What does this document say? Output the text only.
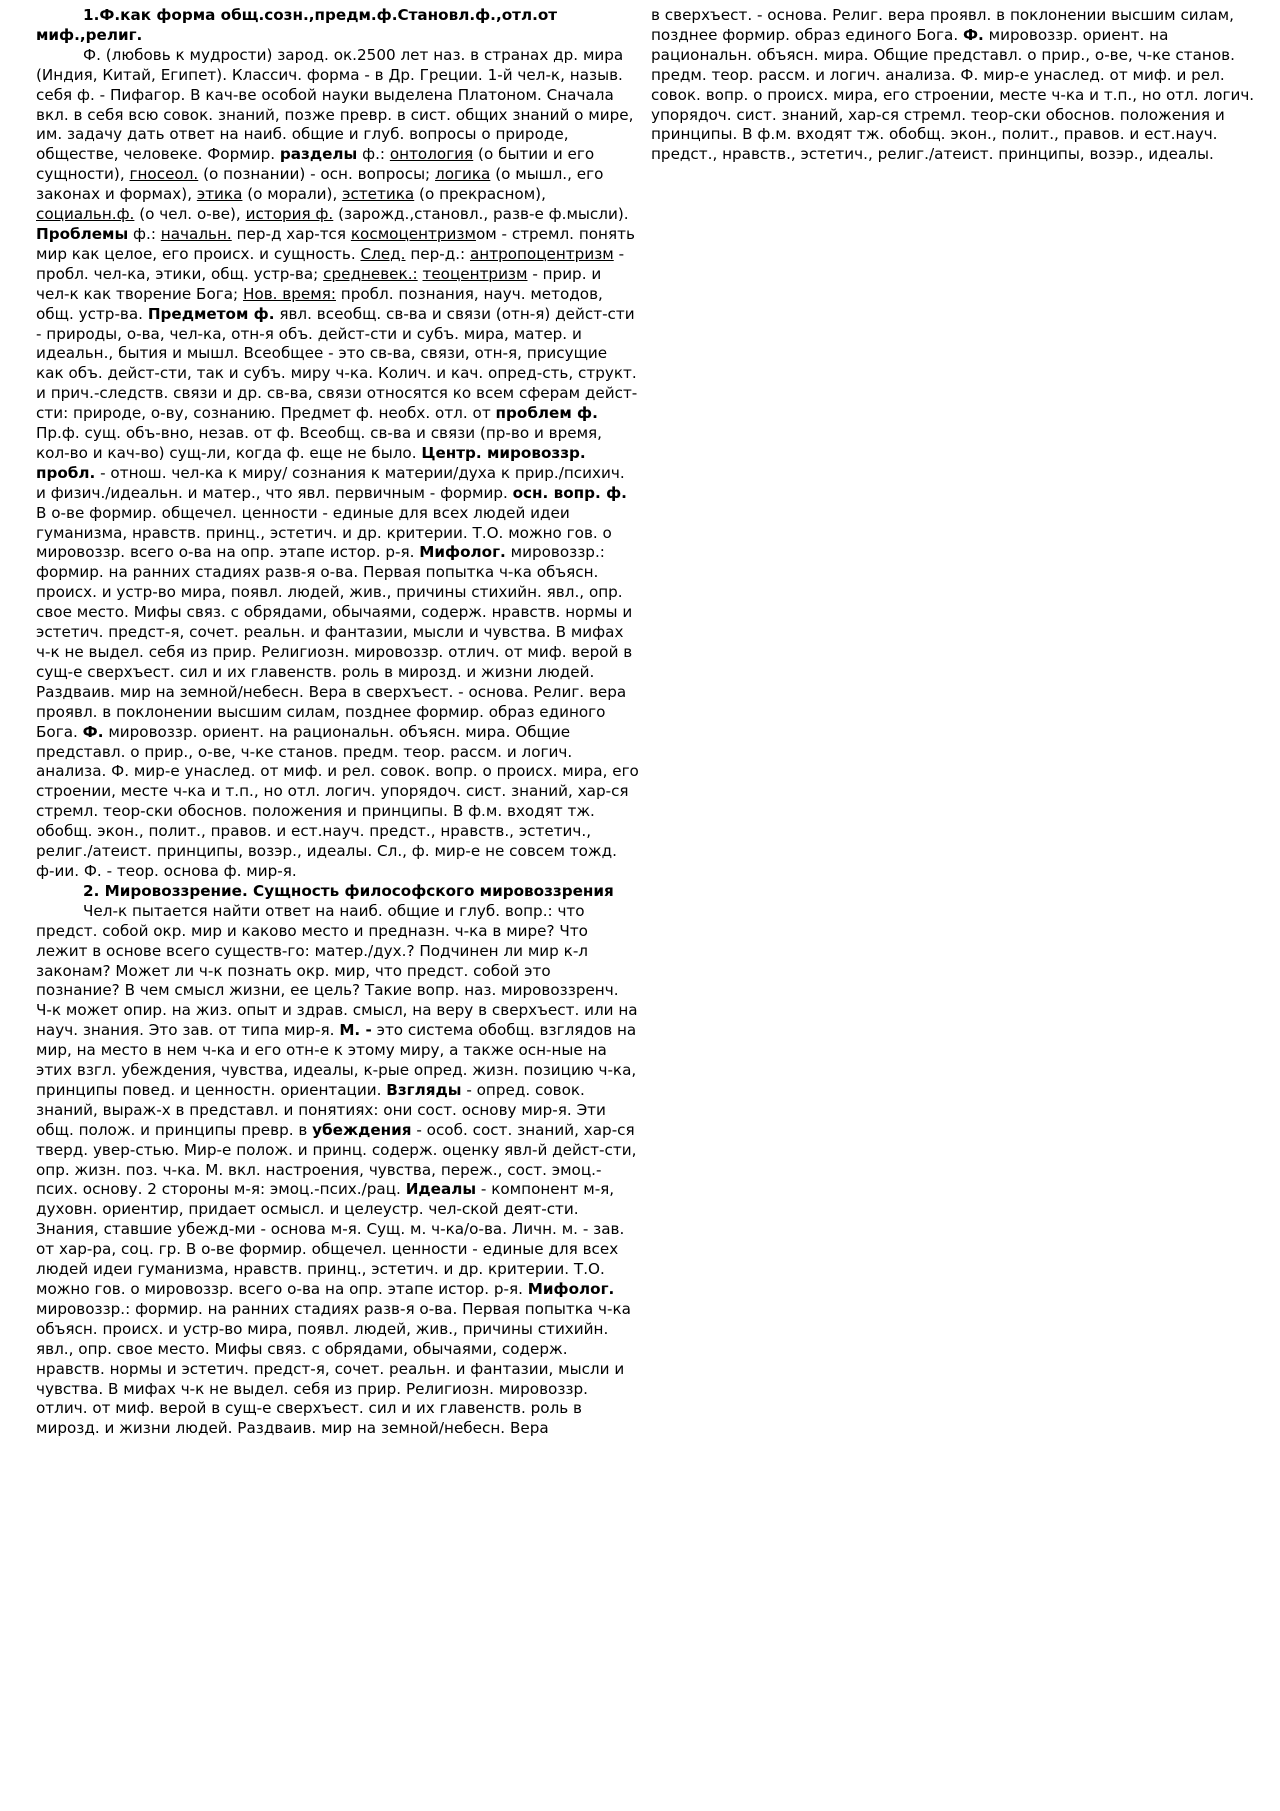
1.Ф.как форма общ.созн.,предм.ф.Становл.ф.,отл.от миф.,религ.

Ф. (любовь к мудрости) зарод. ок.2500 лет наз. в странах др. мира (Индия, Китай, Египет). Классич. форма - в Др. Греции. 1-й чел-к, назыв. себя ф. - Пифагор. В кач-ве особой науки выделена Платоном. Сначала вкл. в себя всю совок. знаний, позже превр. в сист. общих знаний о мире, им. задачу дать ответ на наиб. общие и глуб. вопросы о природе, обществе, человеке. Формир. разделы ф.: онтология (о бытии и его сущности), гносеол. (о познании) - осн. вопросы; логика (о мышл., его законах и формах), этика (о морали), эстетика (о прекрасном), социальн.ф. (о чел. о-ве), история ф. (зарожд.,становл., разв-е ф.мысли). Проблемы ф.: начальн. пер-д хар-тся космоцентризмом - стремл. понять мир как целое, его происх. и сущность. След. пер-д.: антропоцентризм - пробл. чел-ка, этики, общ. устр-ва; средневек.: теоцентризм - прир. и чел-к как творение Бога; Нов. время: пробл. познания, науч. методов, общ. устр-ва. Предметом ф. явл. всеобщ. св-ва и связи (отн-я) дейст-сти - природы, о-ва, чел-ка, отн-я объ. дейст-сти и субъ. мира, матер. и идеальн., бытия и мышл. Всеобщее - это св-ва, связи, отн-я, присущие как объ. дейст-сти, так и субъ. миру ч-ка. Колич. и кач. опред-сть, структ. и прич.-следств. связи и др. св-ва, связи относятся ко всем сферам дейст-сти: природе, о-ву, сознанию. Предмет ф. необх. отл. от проблем ф. Пр.ф. сущ. объ-вно, незав. от ф. Всеобщ. св-ва и связи (пр-во и время, кол-во и кач-во) сущ-ли, когда ф. еще не было. Центр. мировоззр. пробл. - отнош. чел-ка к миру/ сознания к материи/духа к прир./психич. и физич./идеальн. и матер., что явл. первичным - формир. осн. вопр. ф. В о-ве формир. общечел. ценности - единые для всех людей идеи гуманизма, нравств. принц., эстетич. и др. критерии. Т.О. можно гов. о мировоззр. всего о-ва на опр. этапе истор. р-я. Мифолог. мировоззр.: формир. на ранних стадиях разв-я о-ва. Первая попытка ч-ка объясн. происх. и устр-во мира, появл. людей, жив., причины стихийн. явл., опр. свое место. Мифы связ. с обрядами, обычаями, содерж. нравств. нормы и эстетич. предст-я, сочет. реальн. и фантазии, мысли и чувства. В мифах ч-к не выдел. себя из прир. Религиозн. мировоззр. отлич. от миф. верой в сущ-е сверхъест. сил и их главенств. роль в мирозд. и жизни людей. Раздваив. мир на земной/небесн. Вера в сверхъест. - основа. Религ. вера проявл. в поклонении высшим силам, позднее формир. образ единого Бога. Ф. мировоззр. ориент. на рациональн. объясн. мира. Общие представл. о прир., о-ве, ч-ке станов. предм. теор. рассм. и логич. анализа. Ф. мир-е унаслед. от миф. и рел. совок. вопр. о происх. мира, его строении, месте ч-ка и т.п., но отл. логич. упорядоч. сист. знаний, хар-ся стремл. теор-ски обоснов. положения и принципы. В ф.м. входят тж. обобщ. экон., полит., правов. и ест.науч. предст., нравств., эстетич., религ./атеист. принципы, возэр., идеалы. Сл., ф. мир-е не совсем тожд. ф-ии. Ф. - теор. основа ф. мир-я.

2. Мировоззрение. Сущность философского мировоззрения

Чел-к пытается найти ответ на наиб. общие и глуб. вопр.: что предст. собой окр. мир и каково место и предназн. ч-ка в мире? Что лежит в основе всего существ-го: матер./дух.? Подчинен ли мир к-л законам? Может ли ч-к познать окр. мир, что предст. собой это познание? В чем смысл жизни, ее цель? Такие вопр. наз. мировоззренч. Ч-к может опир. на жиз. опыт и здрав. смысл, на веру в сверхъест. или на науч. знания. Это зав. от типа мир-я. М. - это система обобщ. взглядов на мир, на место в нем ч-ка и его отн-е к этому миру, а также осн-ные на этих взгл. убеждения, чувства, идеалы, к-рые опред. жизн. позицию ч-ка, принципы повед. и ценностн. ориентации. Взгляды - опред. совок. знаний, выраж-х в представл. и понятиях: они сост. основу мир-я. Эти общ. полож. и принципы превр. в убеждения - особ. сост. знаний, хар-ся тверд. увер-стью. Мир-е полож. и принц. содерж. оценку явл-й дейст-сти, опр. жизн. поз. ч-ка. М. вкл. настроения, чувства, переж., сост. эмоц.-псих. основу. 2 стороны м-я: эмоц.-псих./рац. Идеалы - компонент м-я, духовн. ориентир, придает осмысл. и целеустр. чел-ской деят-сти. Знания, ставшие убежд-ми - основа м-я. Сущ. м. ч-ка/о-ва. Личн. м. - зав. от хар-ра, соц. гр. В о-ве формир. общечел. ценности - единые для всех людей идеи гуманизма, нравств. принц., эстетич. и др. критерии. Т.О. можно гов. о мировоззр. всего о-ва на опр. этапе истор. р-я. Мифолог. мировоззр.: формир. на ранних стадиях разв-я о-ва. Первая попытка ч-ка объясн. происх. и устр-во мира, появл. людей, жив., причины стихийн. явл., опр. свое место. Мифы связ. с обрядами, обычаями, содерж. нравств. нормы и эстетич. предст-я, сочет. реальн. и фантазии, мысли и чувства. В мифах ч-к не выдел. себя из прир. Религиозн. мировоззр. отлич. от миф. верой в сущ-е сверхъест. сил и их главенств. роль в мирозд. и жизни людей. Раздваив. мир на земной/небесн. Вера

в сверхъест. - основа. Религ. вера проявл. в поклонении высшим силам, позднее формир. образ единого Бога. Ф. мировоззр. ориент. на рациональн. объясн. мира. Общие представл. о прир., о-ве, ч-ке станов. предм. теор. рассм. и логич. анализа. Ф. мир-е унаслед. от миф. и рел. совок. вопр. о происх. мира, его строении, месте ч-ка и т.п., но отл. логич. упорядоч. сист. знаний, хар-ся стремл. теор-ски обоснов. положения и принципы. В ф.м. входят тж. обобщ. экон., полит., правов. и ест.науч. предст., нравств., эстетич., религ./атеист. принципы, возэр., идеалы.
